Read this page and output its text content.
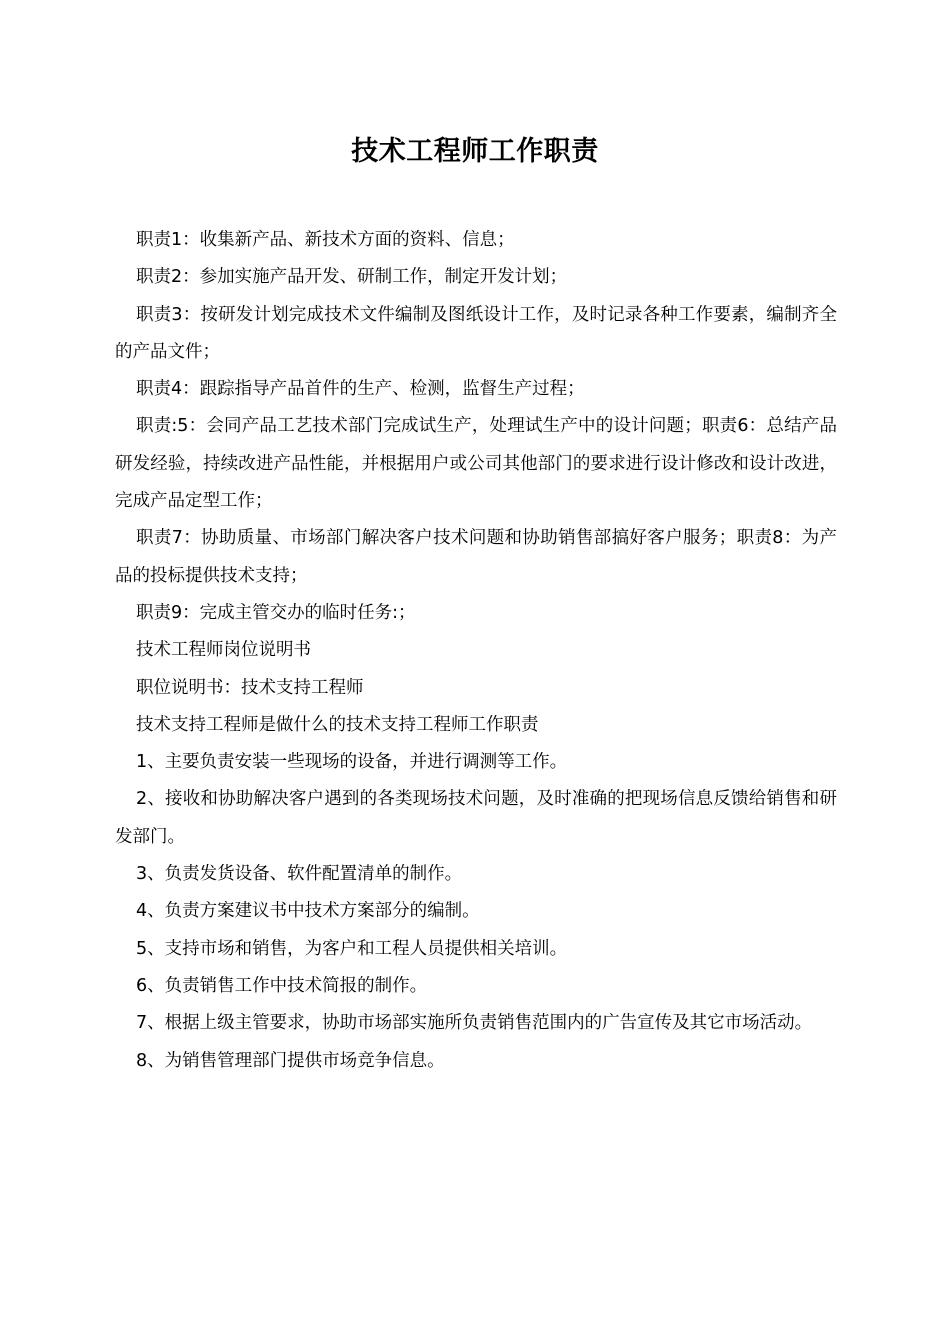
技术工程师工作职责

职责1：收集新产品、新技术方面的资料、信息；

职责2：参加实施产品开发、研制工作，制定开发计划；

职责3：按研发计划完成技术文件编制及图纸设计工作，及时记录各种工作要素，编制齐全的产品文件；

职责4：跟踪指导产品首件的生产、检测，监督生产过程；

职责:5：会同产品工艺技术部门完成试生产，处理试生产中的设计问题；职责6：总结产品研发经验，持续改进产品性能，并根据用户或公司其他部门的要求进行设计修改和设计改进，完成产品定型工作；

职责7：协助质量、市场部门解决客户技术问题和协助销售部搞好客户服务；职责8：为产品的投标提供技术支持；

职责9：完成主管交办的临时任务:；

技术工程师岗位说明书

职位说明书：技术支持工程师

技术支持工程师是做什么的技术支持工程师工作职责

1、主要负责安装一些现场的设备，并进行调测等工作。

2、接收和协助解决客户遇到的各类现场技术问题，及时准确的把现场信息反馈给销售和研发部门。

3、负责发货设备、软件配置清单的制作。

4、负责方案建议书中技术方案部分的编制。

5、支持市场和销售，为客户和工程人员提供相关培训。

6、负责销售工作中技术简报的制作。

7、根据上级主管要求，协助市场部实施所负责销售范围内的广告宣传及其它市场活动。

8、为销售管理部门提供市场竞争信息。
